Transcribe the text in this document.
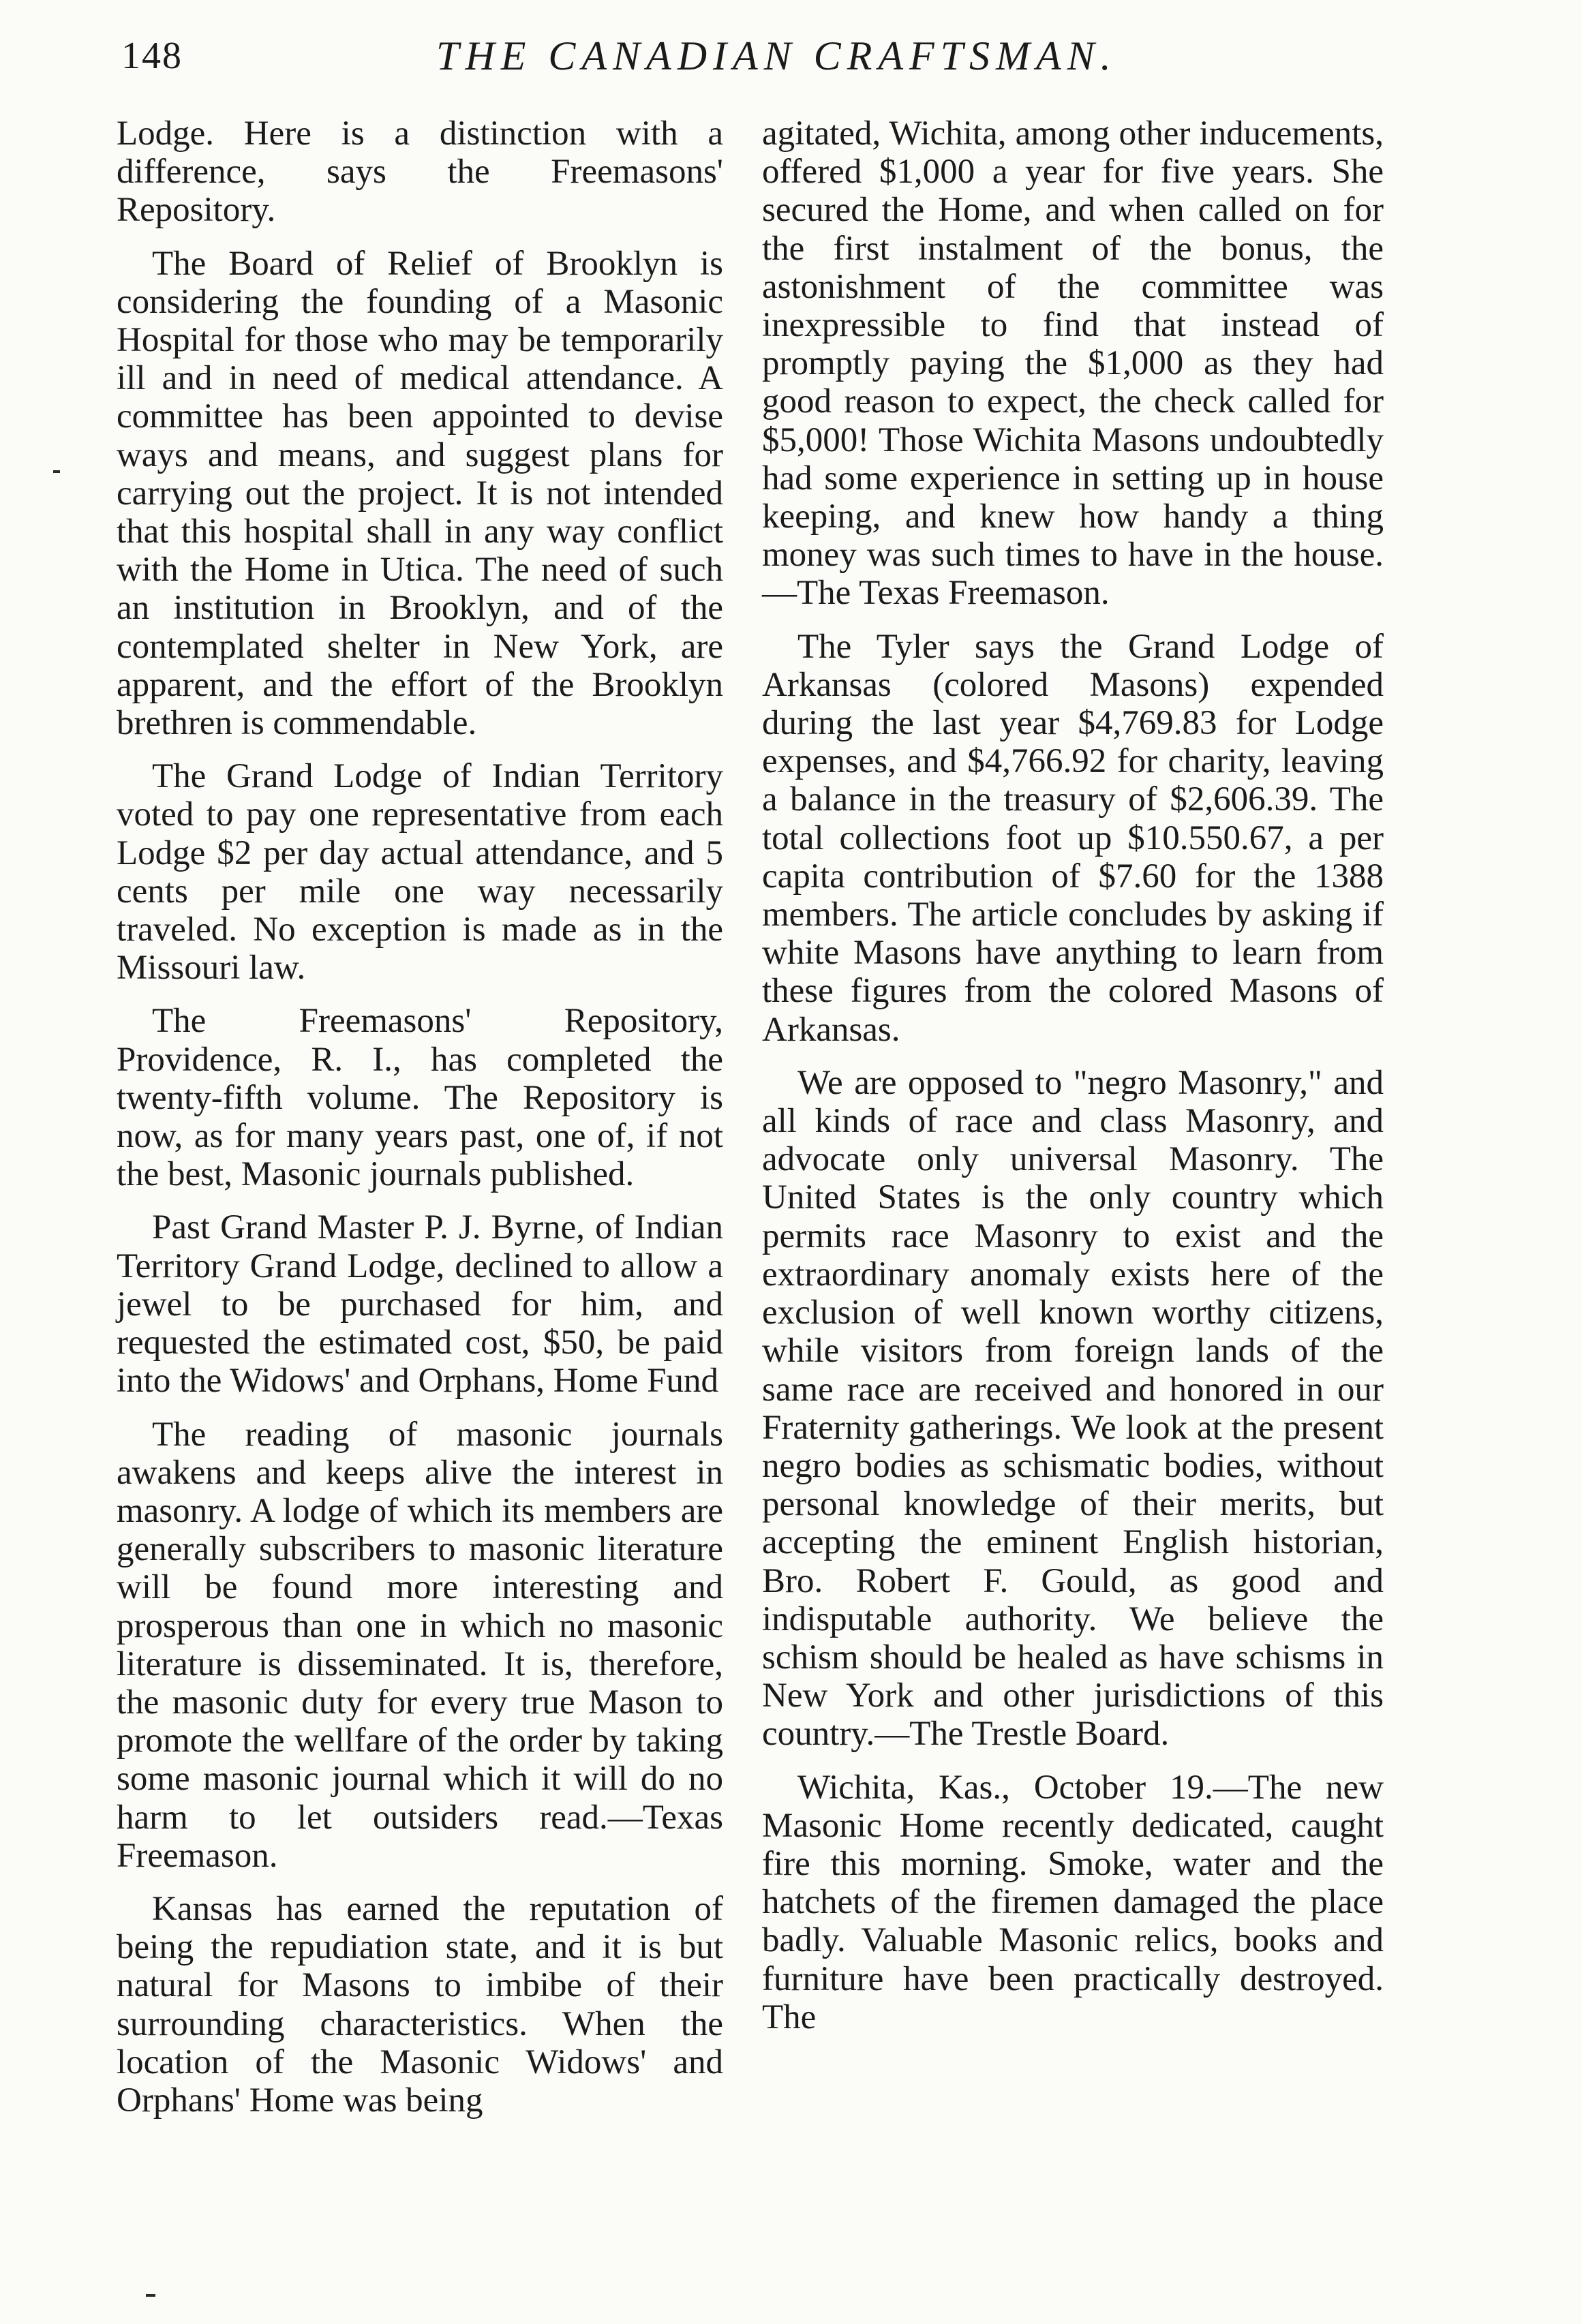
148	THE CANADIAN CRAFTSMAN.

Lodge. Here is a distinction with a difference, says the Freemasons' Repository.

The Board of Relief of Brooklyn is considering the founding of a Masonic Hospital for those who may be temporarily ill and in need of medical attendance. A committee has been appointed to devise ways and means, and suggest plans for carrying out the project. It is not intended that this hospital shall in any way conflict with the Home in Utica. The need of such an institution in Brooklyn, and of the contemplated shelter in New York, are apparent, and the effort of the Brooklyn brethren is commendable.

The Grand Lodge of Indian Territory voted to pay one representative from each Lodge $2 per day actual attendance, and 5 cents per mile one way necessarily traveled. No exception is made as in the Missouri law.

The Freemasons' Repository, Providence, R. I., has completed the twenty-fifth volume. The Repository is now, as for many years past, one of, if not the best, Masonic journals published.

Past Grand Master P. J. Byrne, of Indian Territory Grand Lodge, declined to allow a jewel to be purchased for him, and requested the estimated cost, $50, be paid into the Widows' and Orphans, Home Fund

The reading of masonic journals awakens and keeps alive the interest in masonry. A lodge of which its members are generally subscribers to masonic literature will be found more interesting and prosperous than one in which no masonic literature is disseminated. It is, therefore, the masonic duty for every true Mason to promote the wellfare of the order by taking some masonic journal which it will do no harm to let outsiders read.—Texas Freemason.

Kansas has earned the reputation of being the repudiation state, and it is but natural for Masons to imbibe of their surrounding characteristics. When the location of the Masonic Widows' and Orphans' Home was being

agitated, Wichita, among other inducements, offered $1,000 a year for five years. She secured the Home, and when called on for the first instalment of the bonus, the astonishment of the committee was inexpressible to find that instead of promptly paying the $1,000 as they had good reason to expect, the check called for $5,000! Those Wichita Masons undoubtedly had some experience in setting up in house keeping, and knew how handy a thing money was such times to have in the house.—The Texas Freemason.

The Tyler says the Grand Lodge of Arkansas (colored Masons) expended during the last year $4,769.83 for Lodge expenses, and $4,766.92 for charity, leaving a balance in the treasury of $2,606.39. The total collections foot up $10.550.67, a per capita contribution of $7.60 for the 1388 members. The article concludes by asking if white Masons have anything to learn from these figures from the colored Masons of Arkansas.

We are opposed to "negro Masonry," and all kinds of race and class Masonry, and advocate only universal Masonry. The United States is the only country which permits race Masonry to exist and the extraordinary anomaly exists here of the exclusion of well known worthy citizens, while visitors from foreign lands of the same race are received and honored in our Fraternity gatherings. We look at the present negro bodies as schismatic bodies, without personal knowledge of their merits, but accepting the eminent English historian, Bro. Robert F. Gould, as good and indisputable authority. We believe the schism should be healed as have schisms in New York and other jurisdictions of this country.—The Trestle Board.

Wichita, Kas., October 19.—The new Masonic Home recently dedicated, caught fire this morning. Smoke, water and the hatchets of the firemen damaged the place badly. Valuable Masonic relics, books and furniture have been practically destroyed. The
